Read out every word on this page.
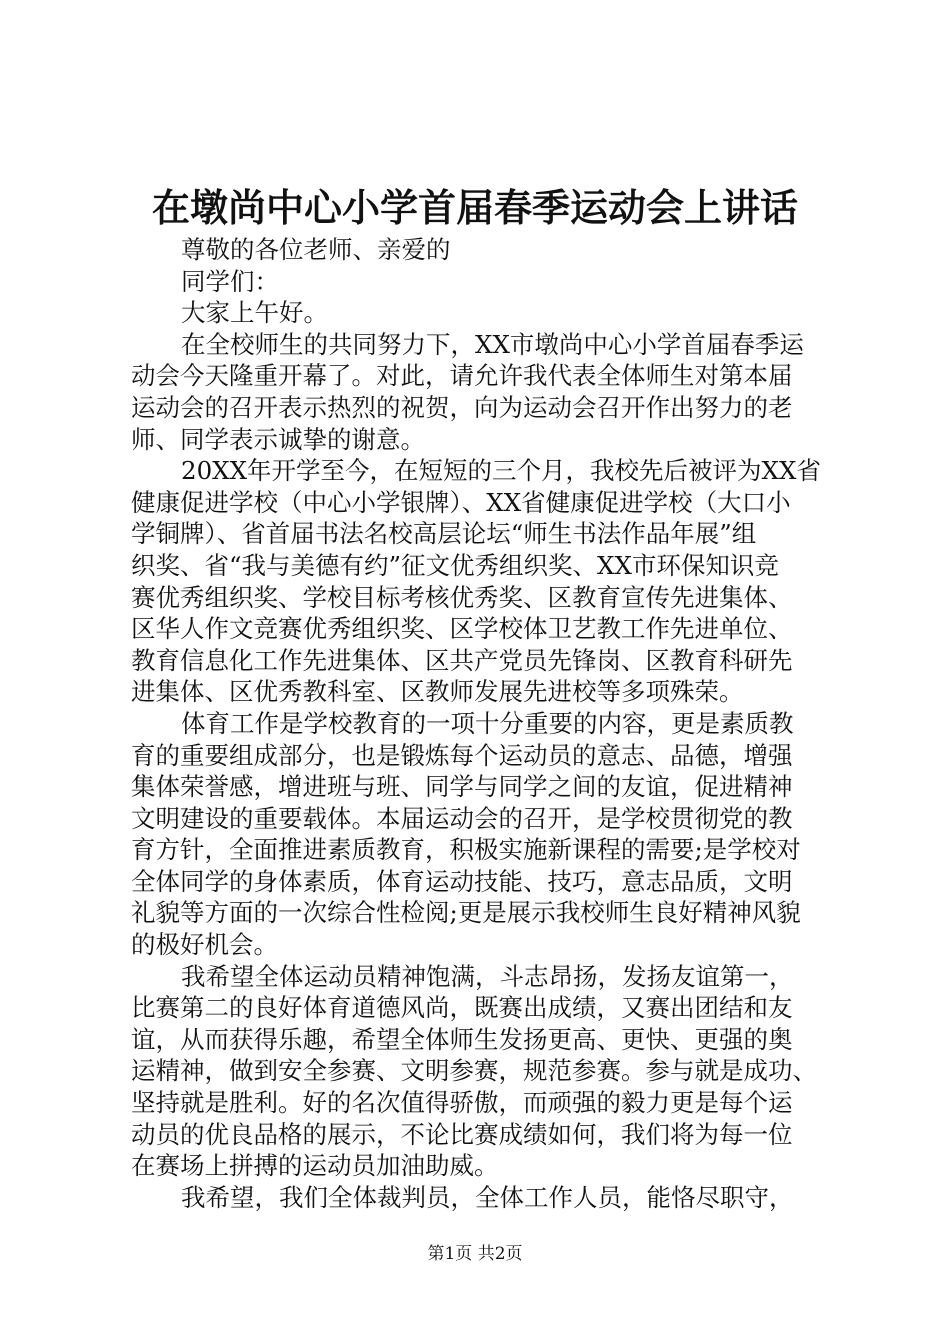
在墩尚中心小学首届春季运动会上讲话
尊敬的各位老师、亲爱的
同学们：
大家上午好。
在全校师生的共同努力下，XX市墩尚中心小学首届春季运
动会今天隆重开幕了。对此，请允许我代表全体师生对第本届
运动会的召开表示热烈的祝贺，向为运动会召开作出努力的老
师、同学表示诚挚的谢意。
20XX年开学至今，在短短的三个月，我校先后被评为XX省
健康促进学校（中心小学银牌）、XX省健康促进学校（大口小
学铜牌）、省首届书法名校高层论坛“师生书法作品年展”组
织奖、省“我与美德有约”征文优秀组织奖、XX市环保知识竞
赛优秀组织奖、学校目标考核优秀奖、区教育宣传先进集体、
区华人作文竞赛优秀组织奖、区学校体卫艺教工作先进单位、
教育信息化工作先进集体、区共产党员先锋岗、区教育科研先
进集体、区优秀教科室、区教师发展先进校等多项殊荣。
体育工作是学校教育的一项十分重要的内容，更是素质教
育的重要组成部分，也是锻炼每个运动员的意志、品德，增强
集体荣誉感，增进班与班、同学与同学之间的友谊，促进精神
文明建设的重要载体。本届运动会的召开，是学校贯彻党的教
育方针，全面推进素质教育，积极实施新课程的需要;是学校对
全体同学的身体素质，体育运动技能、技巧，意志品质，文明
礼貌等方面的一次综合性检阅;更是展示我校师生良好精神风貌
的极好机会。
我希望全体运动员精神饱满，斗志昂扬，发扬友谊第一，
比赛第二的良好体育道德风尚，既赛出成绩，又赛出团结和友
谊，从而获得乐趣，希望全体师生发扬更高、更快、更强的奥
运精神，做到安全参赛、文明参赛，规范参赛。参与就是成功、
坚持就是胜利。好的名次值得骄傲，而顽强的毅力更是每个运
动员的优良品格的展示，不论比赛成绩如何，我们将为每一位
在赛场上拼搏的运动员加油助威。
我希望，我们全体裁判员，全体工作人员，能恪尽职守，
第1页 共2页
